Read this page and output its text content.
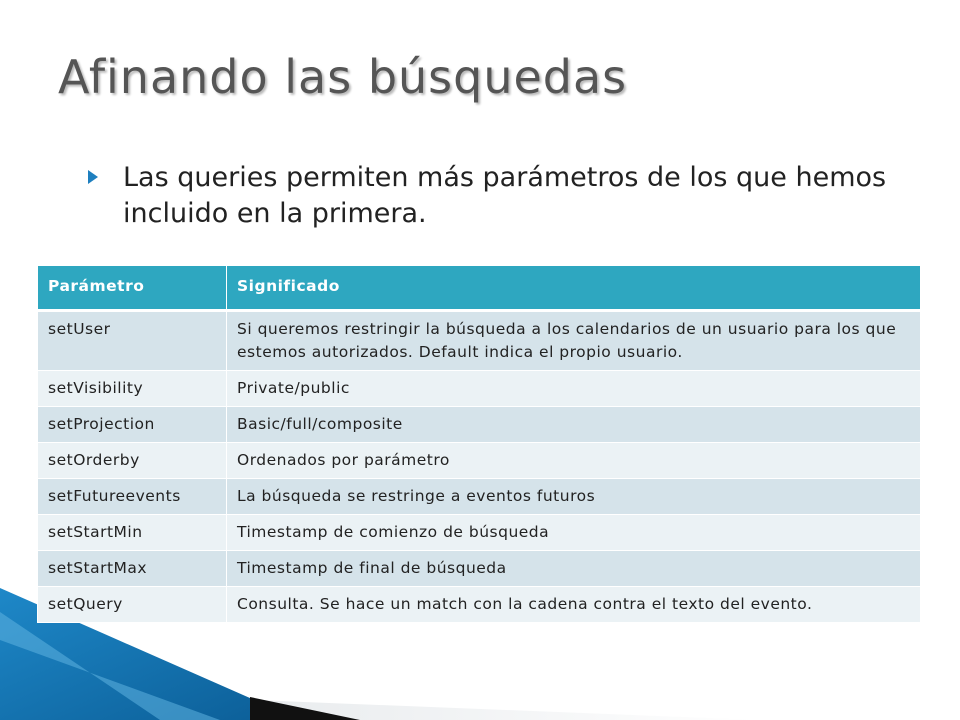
Afinando las búsquedas

Las queries permiten más parámetros de los que hemos incluido en la primera.

Parámetro	Significado
setUser	Si queremos restringir la búsqueda a los calendarios de un usuario para los que estemos autorizados. Default indica el propio usuario.
setVisibility	Private/public
setProjection	Basic/full/composite
setOrderby	Ordenados por parámetro
setFutureevents	La búsqueda se restringe a eventos futuros
setStartMin	Timestamp de comienzo de búsqueda
setStartMax	Timestamp de final de búsqueda
setQuery	Consulta. Se hace un match con la cadena contra el texto del evento.
